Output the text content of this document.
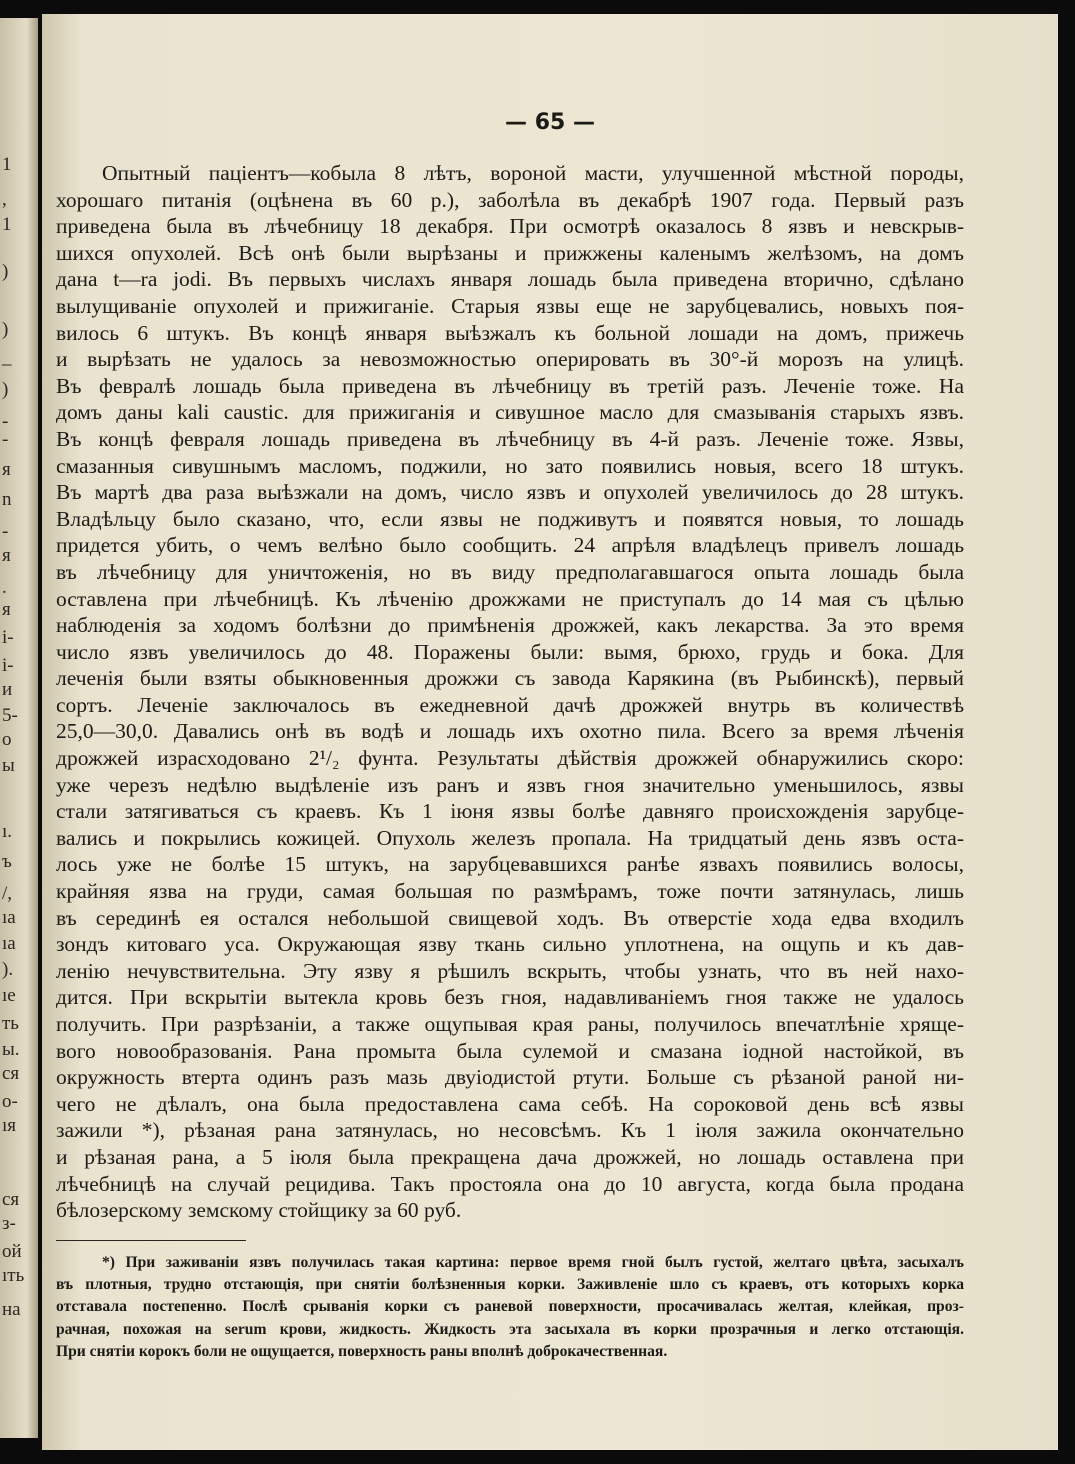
1
,
1
)
)
_
)
-
-
я
n
-
я
.
я
i-
i-
и
5-
о
ы
ı.
ъ
/,
ıa
ıa
).
ıe
ть
ы.
ся
о-
ıя
ся
з-
ой
ıть
на
— 65 —
Опытный паціентъ—кобыла 8 лѣтъ, вороной масти, улучшенной мѣстной породы,
хорошаго питанія (оцѣнена въ 60 р.), заболѣла въ декабрѣ 1907 года. Первый разъ
приведена была въ лѣчебницу 18 декабря. При осмотрѣ оказалось 8 язвъ и невскрыв-
шихся опухолей. Всѣ онѣ были вырѣзаны и прижжены каленымъ желѣзомъ, на домъ
дана t—ra jodi. Въ первыхъ числахъ января лошадь была приведена вторично, сдѣлано
вылущиваніе опухолей и прижиганіе. Старыя язвы еще не зарубцевались, новыхъ поя-
вилось 6 штукъ. Въ концѣ января выѣзжалъ къ больной лошади на домъ, прижечь
и вырѣзать не удалось за невозможностью оперировать въ 30°-й морозъ на улицѣ.
Въ февралѣ лошадь была приведена въ лѣчебницу въ третій разъ. Леченіе тоже. На
домъ даны kali caustic. для прижиганія и сивушное масло для смазыванія старыхъ язвъ.
Въ концѣ февраля лошадь приведена въ лѣчебницу въ 4-й разъ. Леченіе тоже. Язвы,
смазанныя сивушнымъ масломъ, поджили, но зато появились новыя, всего 18 штукъ.
Въ мартѣ два раза выѣзжали на домъ, число язвъ и опухолей увеличилось до 28 штукъ.
Владѣльцу было сказано, что, если язвы не подживутъ и появятся новыя, то лошадь
придется убить, о чемъ велѣно было сообщить. 24 апрѣля владѣлецъ привелъ лошадь
въ лѣчебницу для уничтоженія, но въ виду предполагавшагося опыта лошадь была
оставлена при лѣчебницѣ. Къ лѣченію дрожжами не приступалъ до 14 мая съ цѣлью
наблюденія за ходомъ болѣзни до примѣненія дрожжей, какъ лекарства. За это время
число язвъ увеличилось до 48. Поражены были: вымя, брюхо, грудь и бока. Для
леченія были взяты обыкновенныя дрожжи съ завода Карякина (въ Рыбинскѣ), первый
сортъ. Леченіе заключалось въ ежедневной дачѣ дрожжей внутрь въ количествѣ
25,0—30,0. Давались онѣ въ водѣ и лошадь ихъ охотно пила. Всего за время лѣченія
дрожжей израсходовано 2¹/₂ фунта. Результаты дѣйствія дрожжей обнаружились скоро:
уже черезъ недѣлю выдѣленіе изъ ранъ и язвъ гноя значительно уменьшилось, язвы
стали затягиваться съ краевъ. Къ 1 іюня язвы болѣе давняго происхожденія зарубце-
вались и покрылись кожицей. Опухоль железъ пропала. На тридцатый день язвъ оста-
лось уже не болѣе 15 штукъ, на зарубцевавшихся ранѣе язвахъ появились волосы,
крайняя язва на груди, самая большая по размѣрамъ, тоже почти затянулась, лишь
въ серединѣ ея остался небольшой свищевой ходъ. Въ отверстіе хода едва входилъ
зондъ китоваго уса. Окружающая язву ткань сильно уплотнена, на ощупь и къ дав-
ленію нечувствительна. Эту язву я рѣшилъ вскрыть, чтобы узнать, что въ ней нахо-
дится. При вскрытіи вытекла кровь безъ гноя, надавливаніемъ гноя также не удалось
получить. При разрѣзаніи, а также ощупывая края раны, получилось впечатлѣніе хряще-
вого новообразованія. Рана промыта была сулемой и смазана іодной настойкой, въ
окружность втерта одинъ разъ мазь двуіодистой ртути. Больше съ рѣзаной раной ни-
чего не дѣлалъ, она была предоставлена сама себѣ. На сороковой день всѣ язвы
зажили *), рѣзаная рана затянулась, но несовсѣмъ. Къ 1 іюля зажила окончательно
и рѣзаная рана, а 5 іюля была прекращена дача дрожжей, но лошадь оставлена при
лѣчебницѣ на случай рецидива. Такъ простояла она до 10 августа, когда была продана
бѣлозерскому земскому стойщику за 60 руб.
*) При заживаніи язвъ получилась такая картина: первое время гной былъ густой, желтаго цвѣта, засыхалъ
въ плотныя, трудно отстающія, при снятіи болѣзненныя корки. Заживленіе шло съ краевъ, отъ которыхъ корка
отставала постепенно. Послѣ срыванія корки съ раневой поверхности, просачивалась желтая, клейкая, проз-
рачная, похожая на serum крови, жидкость. Жидкость эта засыхала въ корки прозрачныя и легко отстающія.
При снятіи корокъ боли не ощущается, поверхность раны вполнѣ доброкачественная.
